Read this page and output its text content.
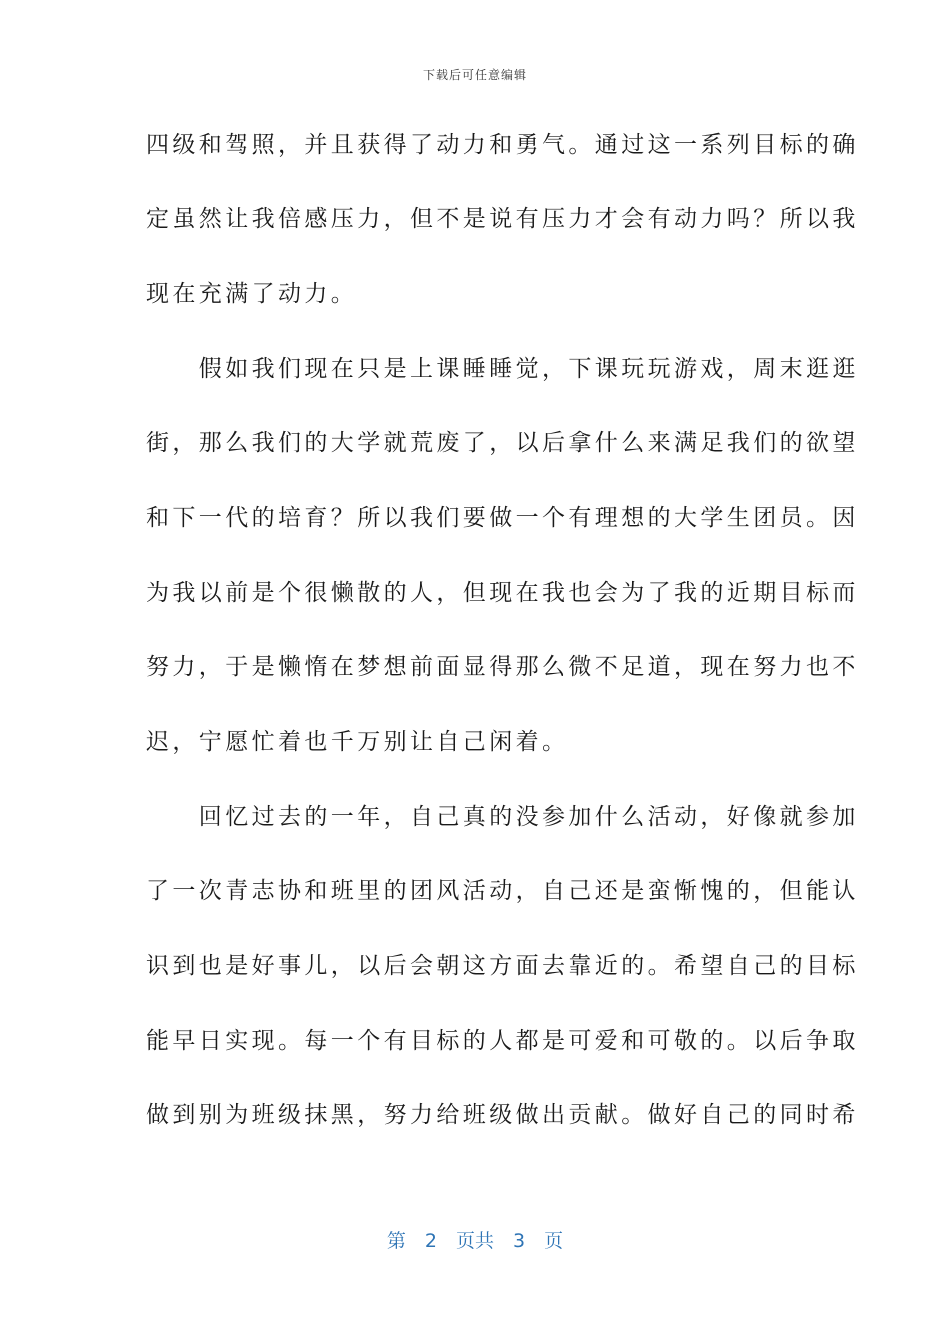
下载后可任意编辑
四级和驾照，并且获得了动力和勇气。通过这一系列目标的确
定虽然让我倍感压力，但不是说有压力才会有动力吗？所以我
现在充满了动力。
　　假如我们现在只是上课睡睡觉，下课玩玩游戏，周末逛逛
街，那么我们的大学就荒废了，以后拿什么来满足我们的欲望
和下一代的培育？所以我们要做一个有理想的大学生团员。因
为我以前是个很懒散的人，但现在我也会为了我的近期目标而
努力，于是懒惰在梦想前面显得那么微不足道，现在努力也不
迟，宁愿忙着也千万别让自己闲着。
　　回忆过去的一年，自己真的没参加什么活动，好像就参加
了一次青志协和班里的团风活动，自己还是蛮惭愧的，但能认
识到也是好事儿，以后会朝这方面去靠近的。希望自己的目标
能早日实现。每一个有目标的人都是可爱和可敬的。以后争取
做到别为班级抹黑，努力给班级做出贡献。做好自己的同时希
第　2　页共　3　页
